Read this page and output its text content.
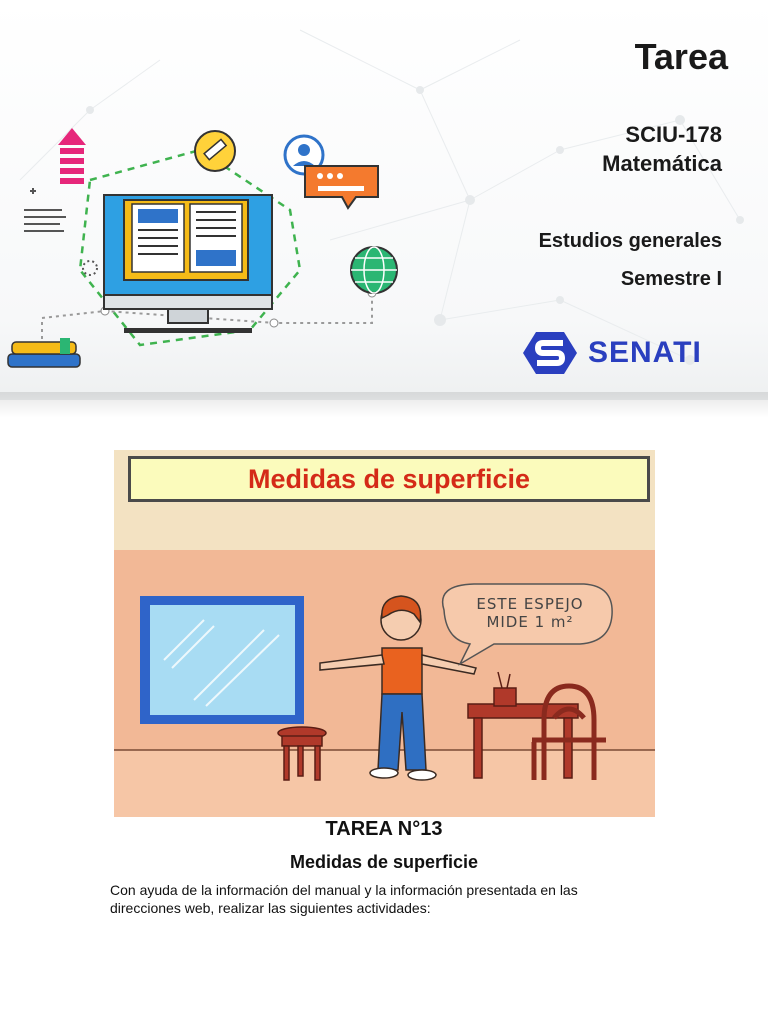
Tarea
SCIU-178
Matemática
Estudios generales
Semestre I
SENATI
Medidas de superficie
ESTE ESPEJO
MIDE 1 m²
TAREA N°13
Medidas de superficie
Con ayuda de la información del manual y la información presentada en las direcciones web, realizar las siguientes actividades:
